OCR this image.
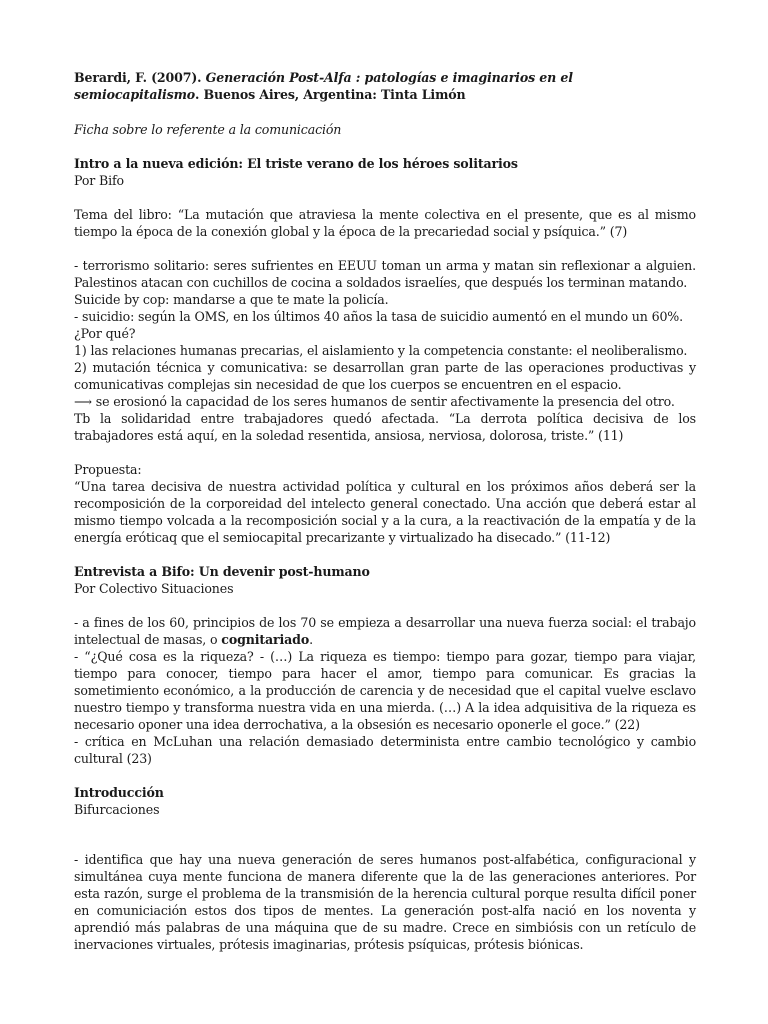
Berardi, F. (2007). Generación Post-Alfa : patologías e imaginarios en el semiocapitalismo. Buenos Aires, Argentina: Tinta Limón

Ficha sobre lo referente a la comunicación

Intro a la nueva edición: El triste verano de los héroes solitarios

Por Bifo

Tema del libro: “La mutación que atraviesa la mente colectiva en el presente, que es al mismo tiempo la época de la conexión global y la época de la precariedad social y psíquica.” (7)

- terrorismo solitario: seres sufrientes en EEUU toman un arma y matan sin reflexionar a alguien. Palestinos atacan con cuchillos de cocina a soldados israelíes, que después los terminan matando.

Suicide by cop: mandarse a que te mate la policía.

- suicidio: según la OMS, en los últimos 40 años la tasa de suicidio aumentó en el mundo un 60%.

¿Por qué?

1) las relaciones humanas precarias, el aislamiento y la competencia constante: el neoliberalismo.

2) mutación técnica y comunicativa: se desarrollan gran parte de las operaciones productivas y comunicativas complejas sin necesidad de que los cuerpos se encuentren en el espacio.

⟶ se erosionó la capacidad de los seres humanos de sentir afectivamente la presencia del otro.

Tb la solidaridad entre trabajadores quedó afectada. “La derrota política decisiva de los trabajadores está aquí, en la soledad resentida, ansiosa, nerviosa, dolorosa, triste.” (11)

Propuesta:

“Una tarea decisiva de nuestra actividad política y cultural en los próximos años deberá ser la recomposición de la corporeidad del intelecto general conectado. Una acción que deberá estar al mismo tiempo volcada a la recomposición social y a la cura, a la reactivación de la empatía y de la energía eróticaq que el semiocapital precarizante y virtualizado ha disecado.” (11-12)

Entrevista a Bifo: Un devenir post-humano

Por Colectivo Situaciones

- a fines de los 60, principios de los 70 se empieza a desarrollar una nueva fuerza social: el trabajo intelectual de masas, o cognitariado.

- “¿Qué cosa es la riqueza? - (…) La riqueza es tiempo: tiempo para gozar, tiempo para viajar, tiempo para conocer, tiempo para hacer el amor, tiempo para comunicar. Es gracias la sometimiento económico, a la producción de carencia y de necesidad que el capital vuelve esclavo nuestro tiempo y transforma nuestra vida en una mierda. (…) A la idea adquisitiva de la riqueza es necesario oponer una idea derrochativa, a la obsesión es necesario oponerle el goce.” (22)

- crítica en McLuhan una relación demasiado determinista entre cambio tecnológico y cambio cultural (23)

Introducción

Bifurcaciones

- identifica que hay una nueva generación de seres humanos post-alfabética, configuracional y simultánea cuya mente funciona de manera diferente que la de las generaciones anteriores. Por esta razón, surge el problema de la transmisión de la herencia cultural porque resulta difícil poner en comuniciación estos dos tipos de mentes. La generación post-alfa nació en los noventa y aprendió más palabras de una máquina que de su madre. Crece en simbiósis con un retículo de inervaciones virtuales, prótesis imaginarias, prótesis psíquicas, prótesis biónicas.
